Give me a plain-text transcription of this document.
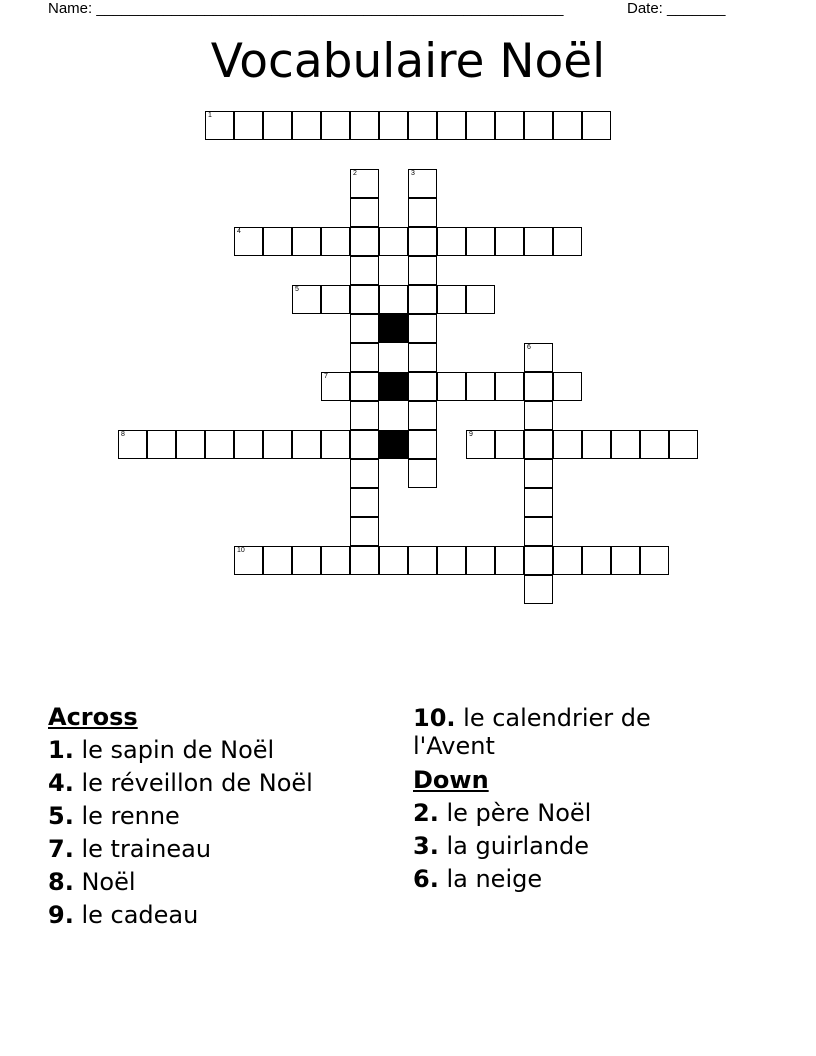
Name: ________________________________________________________	Date: _______
Vocabulaire Noël
1
2	3
4
5
6
7
8	9
10
Across
1. le sapin de Noël
4. le réveillon de Noël
5. le renne
7. le traineau
8. Noël
9. le cadeau
10. le calendrier de l'Avent
Down
2. le père Noël
3. la guirlande
6. la neige
